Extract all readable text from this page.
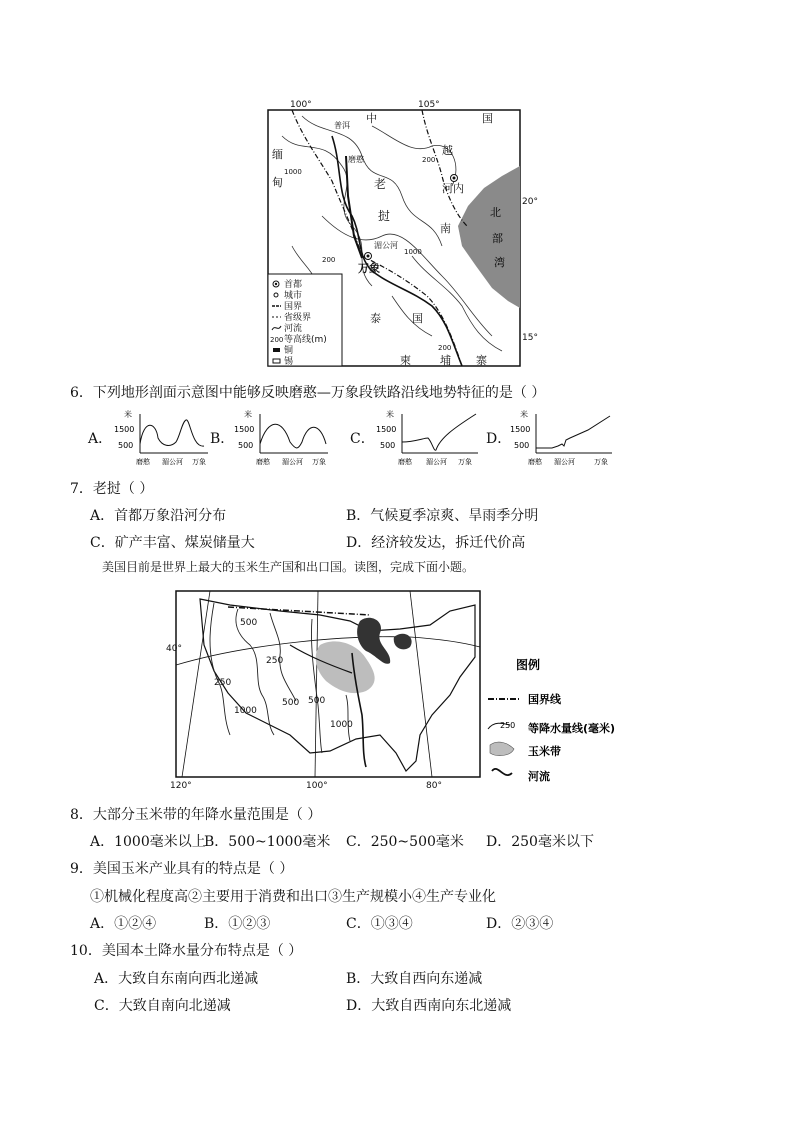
100°	105°
20°
15°
中	国
缅
甸	老
越
南
挝
河内
万象
泰	国
北
部
湾
柬	埔 寨
磨憨
湄公河
普洱
200
1000
1000
200
200
首都
城市
国界
省级界
河流
200 等高线(m)
铜
锡
6．下列地形剖面示意图中能够反映磨憨—万象段铁路沿线地势特征的是（ ）
A．
米
1500
500
磨憨 湄公河 万象
B．
米
1500
500
磨憨 湄公河 万象
C．
米
1500
500
磨憨 湄公河 万象
D．
米
1500
500
磨憨 湄公河	万象
7．老挝（ ）
A．首都万象沿河分布	B．气候夏季凉爽、旱雨季分明
C．矿产丰富、煤炭储量大	D．经济较发达，拆迁代价高
美国目前是世界上最大的玉米生产国和出口国。读图，完成下面小题。
40°
120°	100°	80°
500
250
500
250
500
1000
1000
图例
国界线
250 等降水量线(毫米)
玉米带
河流
8．大部分玉米带的年降水量范围是（ ）
A．1000毫米以上
B．500~1000毫米 C．250~500毫米 D．250毫米以下
9．美国玉米产业具有的特点是（ ）
①机械化程度高②主要用于消费和出口③生产规模小④生产专业化
A．①②④	B．①②③	C．①③④	D．②③④
10．美国本土降水量分布特点是（ ）
A．大致自东南向西北递减	B．大致自西向东递减
C．大致自南向北递减	D．大致自西南向东北递减
